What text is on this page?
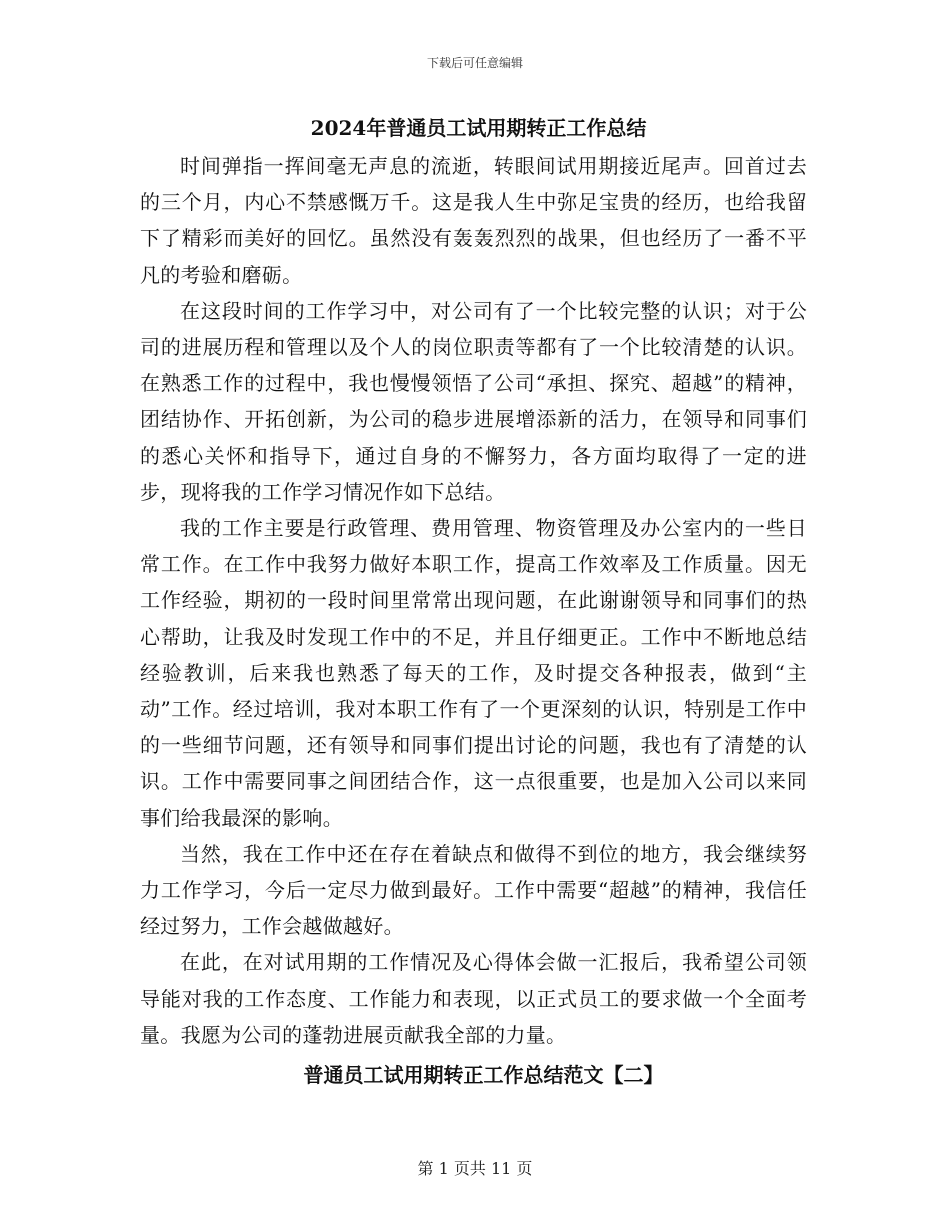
下载后可任意编辑
2024年普通员工试用期转正工作总结

时间弹指一挥间毫无声息的流逝，转眼间试用期接近尾声。回首过去的三个月，内心不禁感慨万千。这是我人生中弥足宝贵的经历，也给我留下了精彩而美好的回忆。虽然没有轰轰烈烈的战果，但也经历了一番不平凡的考验和磨砺。

在这段时间的工作学习中，对公司有了一个比较完整的认识；对于公司的进展历程和管理以及个人的岗位职责等都有了一个比较清楚的认识。在熟悉工作的过程中，我也慢慢领悟了公司“承担、探究、超越”的精神，团结协作、开拓创新，为公司的稳步进展增添新的活力，在领导和同事们的悉心关怀和指导下，通过自身的不懈努力，各方面均取得了一定的进步，现将我的工作学习情况作如下总结。

我的工作主要是行政管理、费用管理、物资管理及办公室内的一些日常工作。在工作中我努力做好本职工作，提高工作效率及工作质量。因无工作经验，期初的一段时间里常常出现问题，在此谢谢领导和同事们的热心帮助，让我及时发现工作中的不足，并且仔细更正。工作中不断地总结经验教训，后来我也熟悉了每天的工作，及时提交各种报表，做到“主动”工作。经过培训，我对本职工作有了一个更深刻的认识，特别是工作中的一些细节问题，还有领导和同事们提出讨论的问题，我也有了清楚的认识。工作中需要同事之间团结合作，这一点很重要，也是加入公司以来同事们给我最深的影响。

当然，我在工作中还在存在着缺点和做得不到位的地方，我会继续努力工作学习，今后一定尽力做到最好。工作中需要“超越”的精神，我信任经过努力，工作会越做越好。

在此，在对试用期的工作情况及心得体会做一汇报后，我希望公司领导能对我的工作态度、工作能力和表现，以正式员工的要求做一个全面考量。我愿为公司的蓬勃进展贡献我全部的力量。

普通员工试用期转正工作总结范文【二】
第 1 页共 11 页
